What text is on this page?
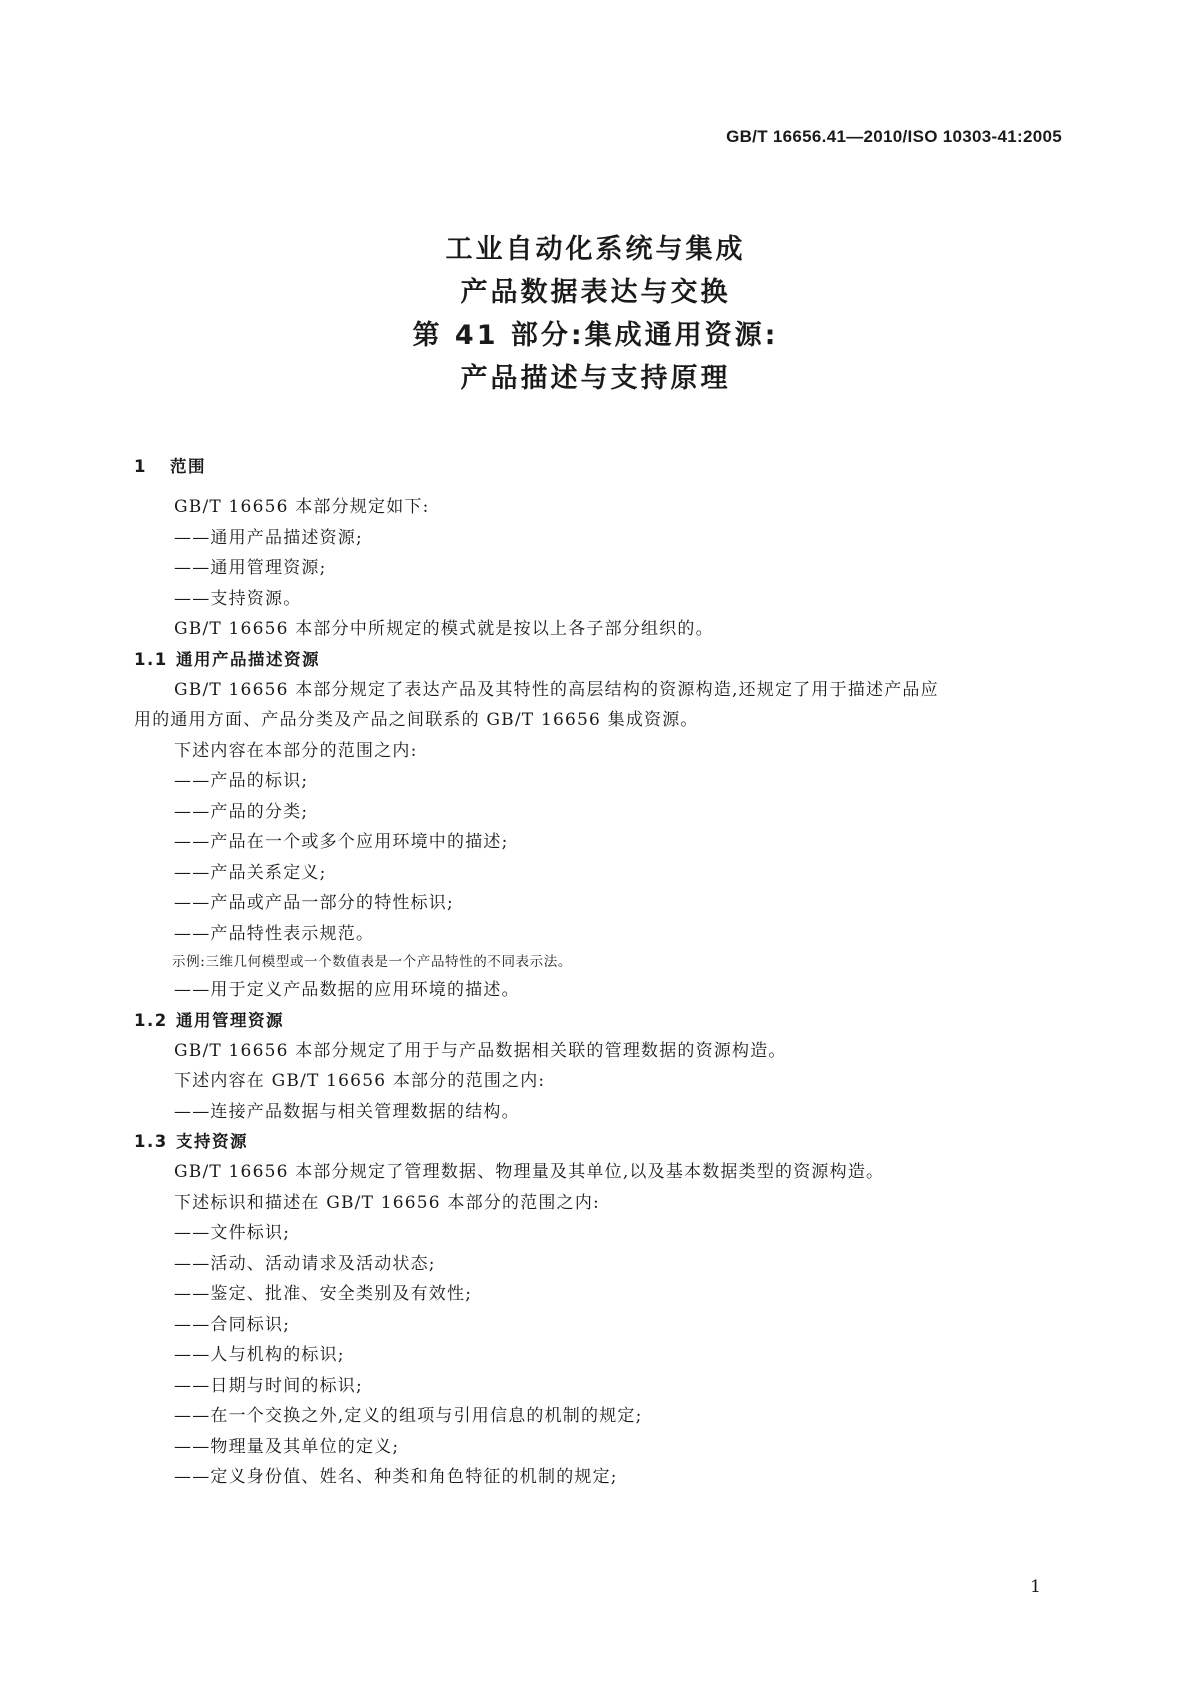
GB/T 16656.41—2010/ISO 10303-41:2005
工业自动化系统与集成
产品数据表达与交换
第 41 部分:集成通用资源:
产品描述与支持原理
1 范围
GB/T 16656 本部分规定如下:
——通用产品描述资源;
——通用管理资源;
——支持资源。
GB/T 16656 本部分中所规定的模式就是按以上各子部分组织的。
1.1 通用产品描述资源
GB/T 16656 本部分规定了表达产品及其特性的高层结构的资源构造,还规定了用于描述产品应
用的通用方面、产品分类及产品之间联系的 GB/T 16656 集成资源。
下述内容在本部分的范围之内:
——产品的标识;
——产品的分类;
——产品在一个或多个应用环境中的描述;
——产品关系定义;
——产品或产品一部分的特性标识;
——产品特性表示规范。
示例:三维几何模型或一个数值表是一个产品特性的不同表示法。
——用于定义产品数据的应用环境的描述。
1.2 通用管理资源
GB/T 16656 本部分规定了用于与产品数据相关联的管理数据的资源构造。
下述内容在 GB/T 16656 本部分的范围之内:
——连接产品数据与相关管理数据的结构。
1.3 支持资源
GB/T 16656 本部分规定了管理数据、物理量及其单位,以及基本数据类型的资源构造。
下述标识和描述在 GB/T 16656 本部分的范围之内:
——文件标识;
——活动、活动请求及活动状态;
——鉴定、批准、安全类别及有效性;
——合同标识;
——人与机构的标识;
——日期与时间的标识;
——在一个交换之外,定义的组项与引用信息的机制的规定;
——物理量及其单位的定义;
——定义身份值、姓名、种类和角色特征的机制的规定;
1
